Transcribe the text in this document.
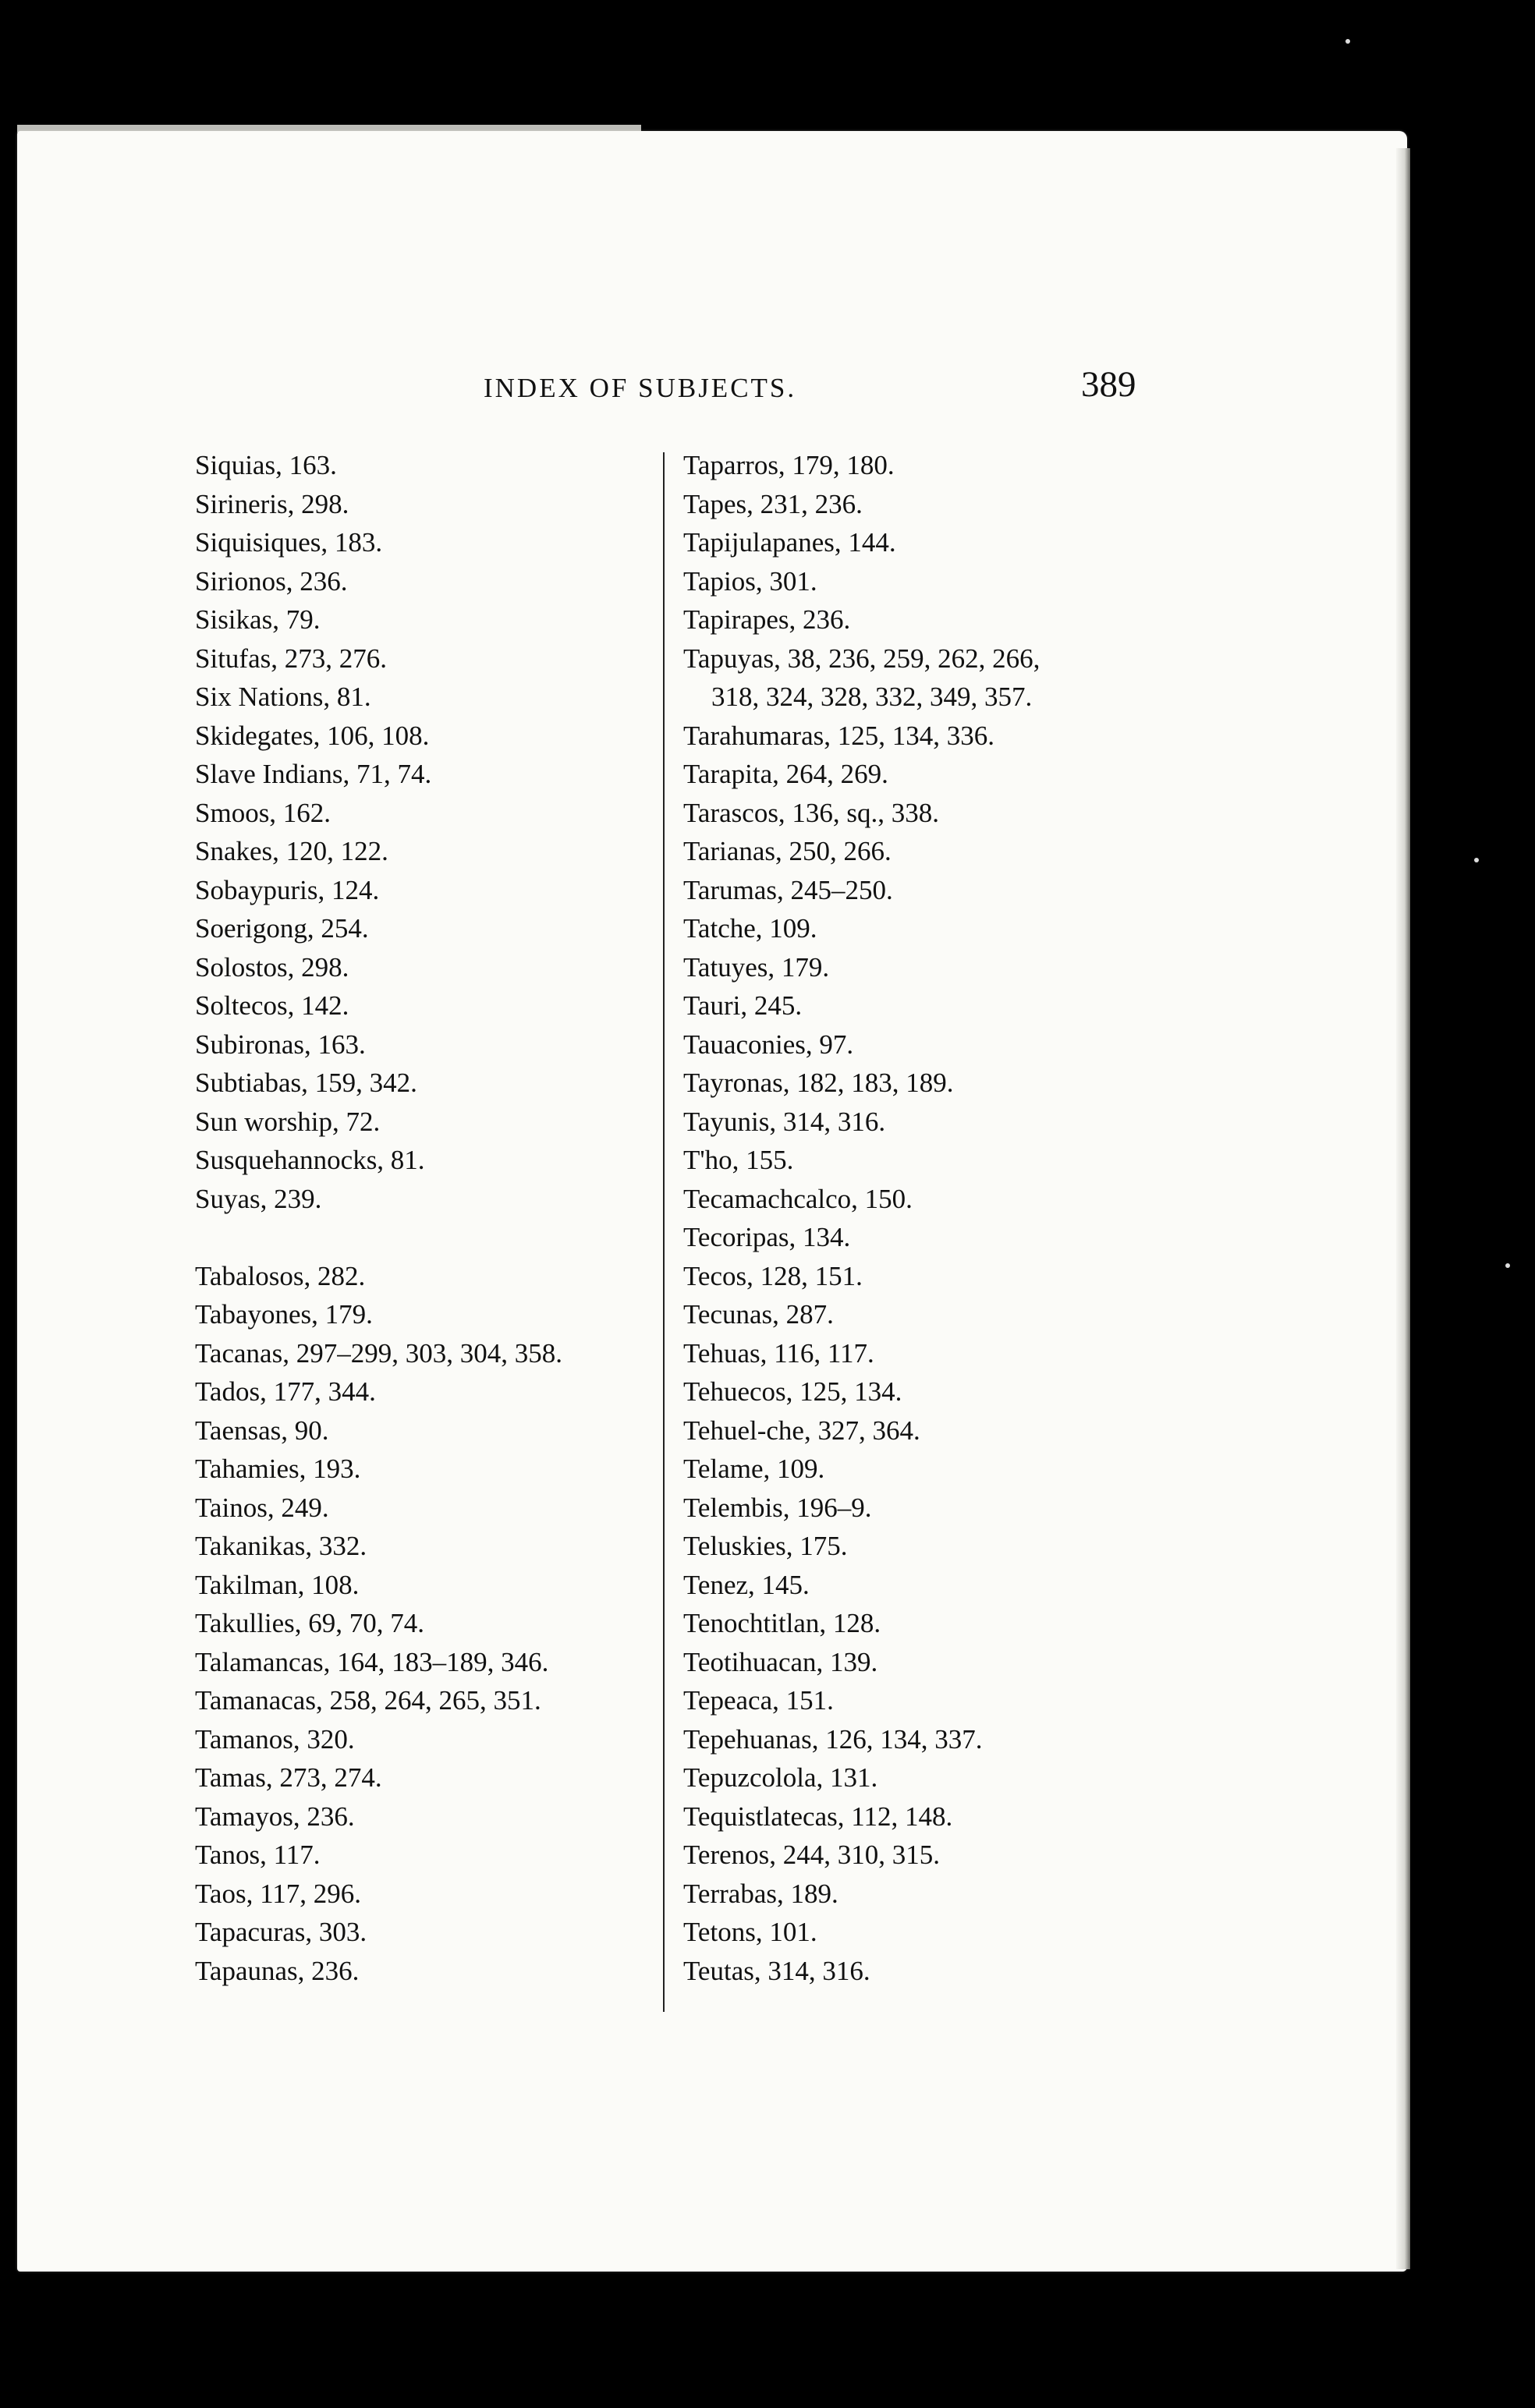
INDEX OF SUBJECTS.	389
Siquias, 163.
Sirineris, 298.
Siquisiques, 183.
Sirionos, 236.
Sisikas, 79.
Situfas, 273, 276.
Six Nations, 81.
Skidegates, 106, 108.
Slave Indians, 71, 74.
Smoos, 162.
Snakes, 120, 122.
Sobaypuris, 124.
Soerigong, 254.
Solostos, 298.
Soltecos, 142.
Subironas, 163.
Subtiabas, 159, 342.
Sun worship, 72.
Susquehannocks, 81.
Suyas, 239.
Tabalosos, 282.
Tabayones, 179.
Tacanas, 297–299, 303, 304, 358.
Tados, 177, 344.
Taensas, 90.
Tahamies, 193.
Tainos, 249.
Takanikas, 332.
Takilman, 108.
Takullies, 69, 70, 74.
Talamancas, 164, 183–189, 346.
Tamanacas, 258, 264, 265, 351.
Tamanos, 320.
Tamas, 273, 274.
Tamayos, 236.
Tanos, 117.
Taos, 117, 296.
Tapacuras, 303.
Tapaunas, 236.
Taparros, 179, 180.
Tapes, 231, 236.
Tapijulapanes, 144.
Tapios, 301.
Tapirapes, 236.
Tapuyas, 38, 236, 259, 262, 266,
318, 324, 328, 332, 349, 357.
Tarahumaras, 125, 134, 336.
Tarapita, 264, 269.
Tarascos, 136, sq., 338.
Tarianas, 250, 266.
Tarumas, 245–250.
Tatche, 109.
Tatuyes, 179.
Tauri, 245.
Tauaconies, 97.
Tayronas, 182, 183, 189.
Tayunis, 314, 316.
T'ho, 155.
Tecamachcalco, 150.
Tecoripas, 134.
Tecos, 128, 151.
Tecunas, 287.
Tehuas, 116, 117.
Tehuecos, 125, 134.
Tehuel-che, 327, 364.
Telame, 109.
Telembis, 196–9.
Teluskies, 175.
Tenez, 145.
Tenochtitlan, 128.
Teotihuacan, 139.
Tepeaca, 151.
Tepehuanas, 126, 134, 337.
Tepuzcolola, 131.
Tequistlatecas, 112, 148.
Terenos, 244, 310, 315.
Terrabas, 189.
Tetons, 101.
Teutas, 314, 316.
